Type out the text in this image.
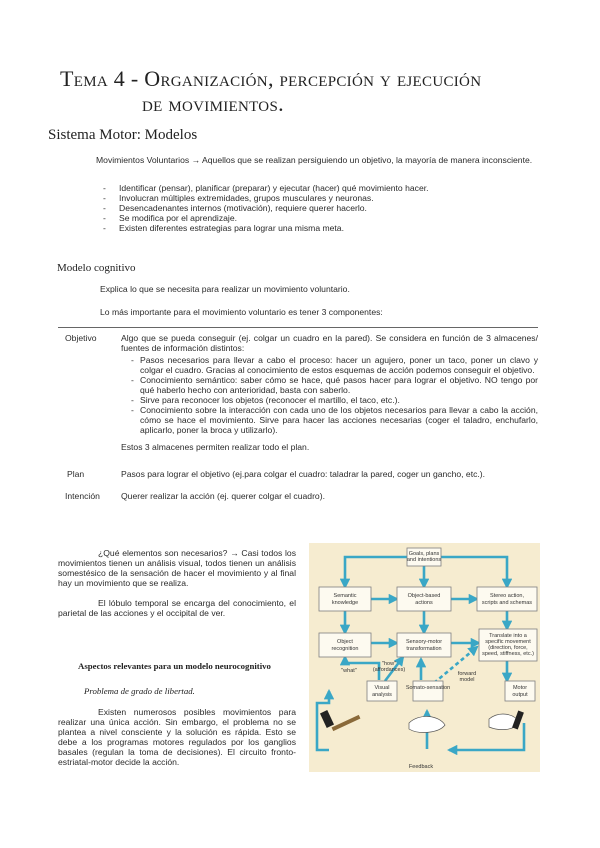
Tema 4 - Organización, percepción y ejecución
de movimientos.
Sistema Motor: Modelos

Movimientos Voluntarios → Aquellos que se realizan persiguiendo un objetivo, la mayoría de manera inconsciente.

- Identificar (pensar), planificar (preparar) y ejecutar (hacer) qué movimiento hacer.
- Involucran múltiples extremidades, grupos musculares y neuronas.
- Desencadenantes internos (motivación), requiere querer hacerlo.
- Se modifica por el aprendizaje.
- Existen diferentes estrategias para lograr una misma meta.
Modelo cognitivo

Explica lo que se necesita para realizar un movimiento voluntario.

Lo más importante para el movimiento voluntario es tener 3 componentes:

Objetivo	Algo que se pueda conseguir (ej. colgar un cuadro en la pared). Se considera en función de 3 almacenes/ fuentes de información distintos:
- Pasos necesarios para llevar a cabo el proceso: hacer un agujero, poner un taco, poner un clavo y colgar el cuadro. Gracias al conocimiento de estos esquemas de acción podemos conseguir el objetivo.
- Conocimiento semántico: saber cómo se hace, qué pasos hacer para lograr el objetivo. NO tengo por qué haberlo hecho con anterioridad, basta con saberlo.
- Sirve para reconocer los objetos (reconocer el martillo, el taco, etc.).
- Conocimiento sobre la interacción con cada uno de los objetos necesarios para llevar a cabo la acción, cómo se hace el movimiento. Sirve para hacer las acciones necesarias (coger el taladro, enchufarlo, aplicarlo, poner la broca y utilizarlo).
Estos 3 almacenes permiten realizar todo el plan.
Plan	Pasos para lograr el objetivo (ej.para colgar el cuadro: taladrar la pared, coger un gancho, etc.).
Intención	Querer realizar la acción (ej. querer colgar el cuadro).

¿Qué elementos son necesarios? → Casi todos los movimientos tienen un análisis visual, todos tienen un análisis somestésico de la sensación de hacer el movimiento y al final hay un movimiento que se realiza.

El lóbulo temporal se encarga del conocimiento, el parietal de las acciones y el occipital de ver.

Aspectos relevantes para un modelo neurocognitivo
Problema de grado de libertad.

Existen numerosos posibles movimientos para realizar una única acción. Sin embargo, el problema no se plantea a nivel consciente y la solución es rápida. Esto se debe a los programas motores regulados por los ganglios basales (regulan la toma de decisiones). El circuito fronto-estriatal-motor decide la acción.

Goals, plans and intentions
Semantic knowledge
Object-based actions
Stereo action, scripts and schemas
Object recognition
Sensory-motor transformation
Translate into a specific movement (direction, force, speed, stiffness, etc.)
Visual analysis
Somato-sensation	Motor output
"how"
(affordances)
"what"	forward model
Feedback
